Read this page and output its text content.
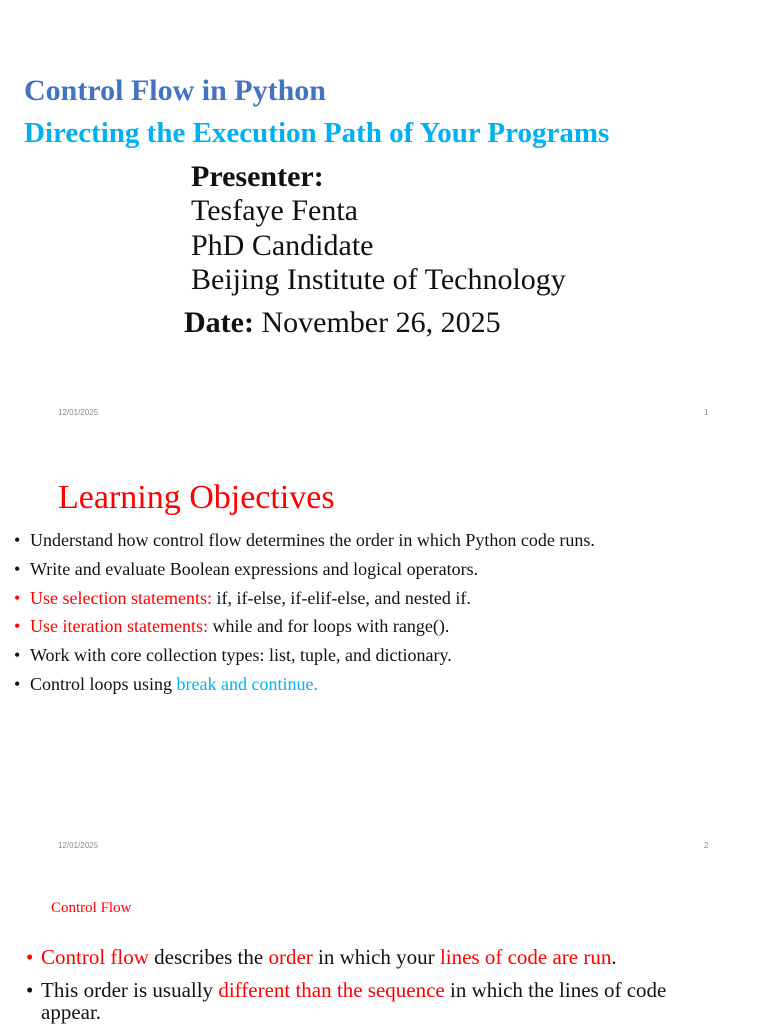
Control Flow in Python
Directing the Execution Path of Your Programs
Presenter:
Tesfaye Fenta
PhD Candidate
Beijing Institute of Technology
Date: November 26, 2025
12/01/2025	1
Learning Objectives
• Understand how control flow determines the order in which Python code runs.
• Write and evaluate Boolean expressions and logical operators.
• Use selection statements: if, if-else, if-elif-else, and nested if.
• Use iteration statements: while and for loops with range().
• Work with core collection types: list, tuple, and dictionary.
• Control loops using break and continue.
12/01/2025	2
Control Flow
• Control flow describes the order in which your lines of code are run.
• This order is usually different than the sequence in which the lines of code appear.
